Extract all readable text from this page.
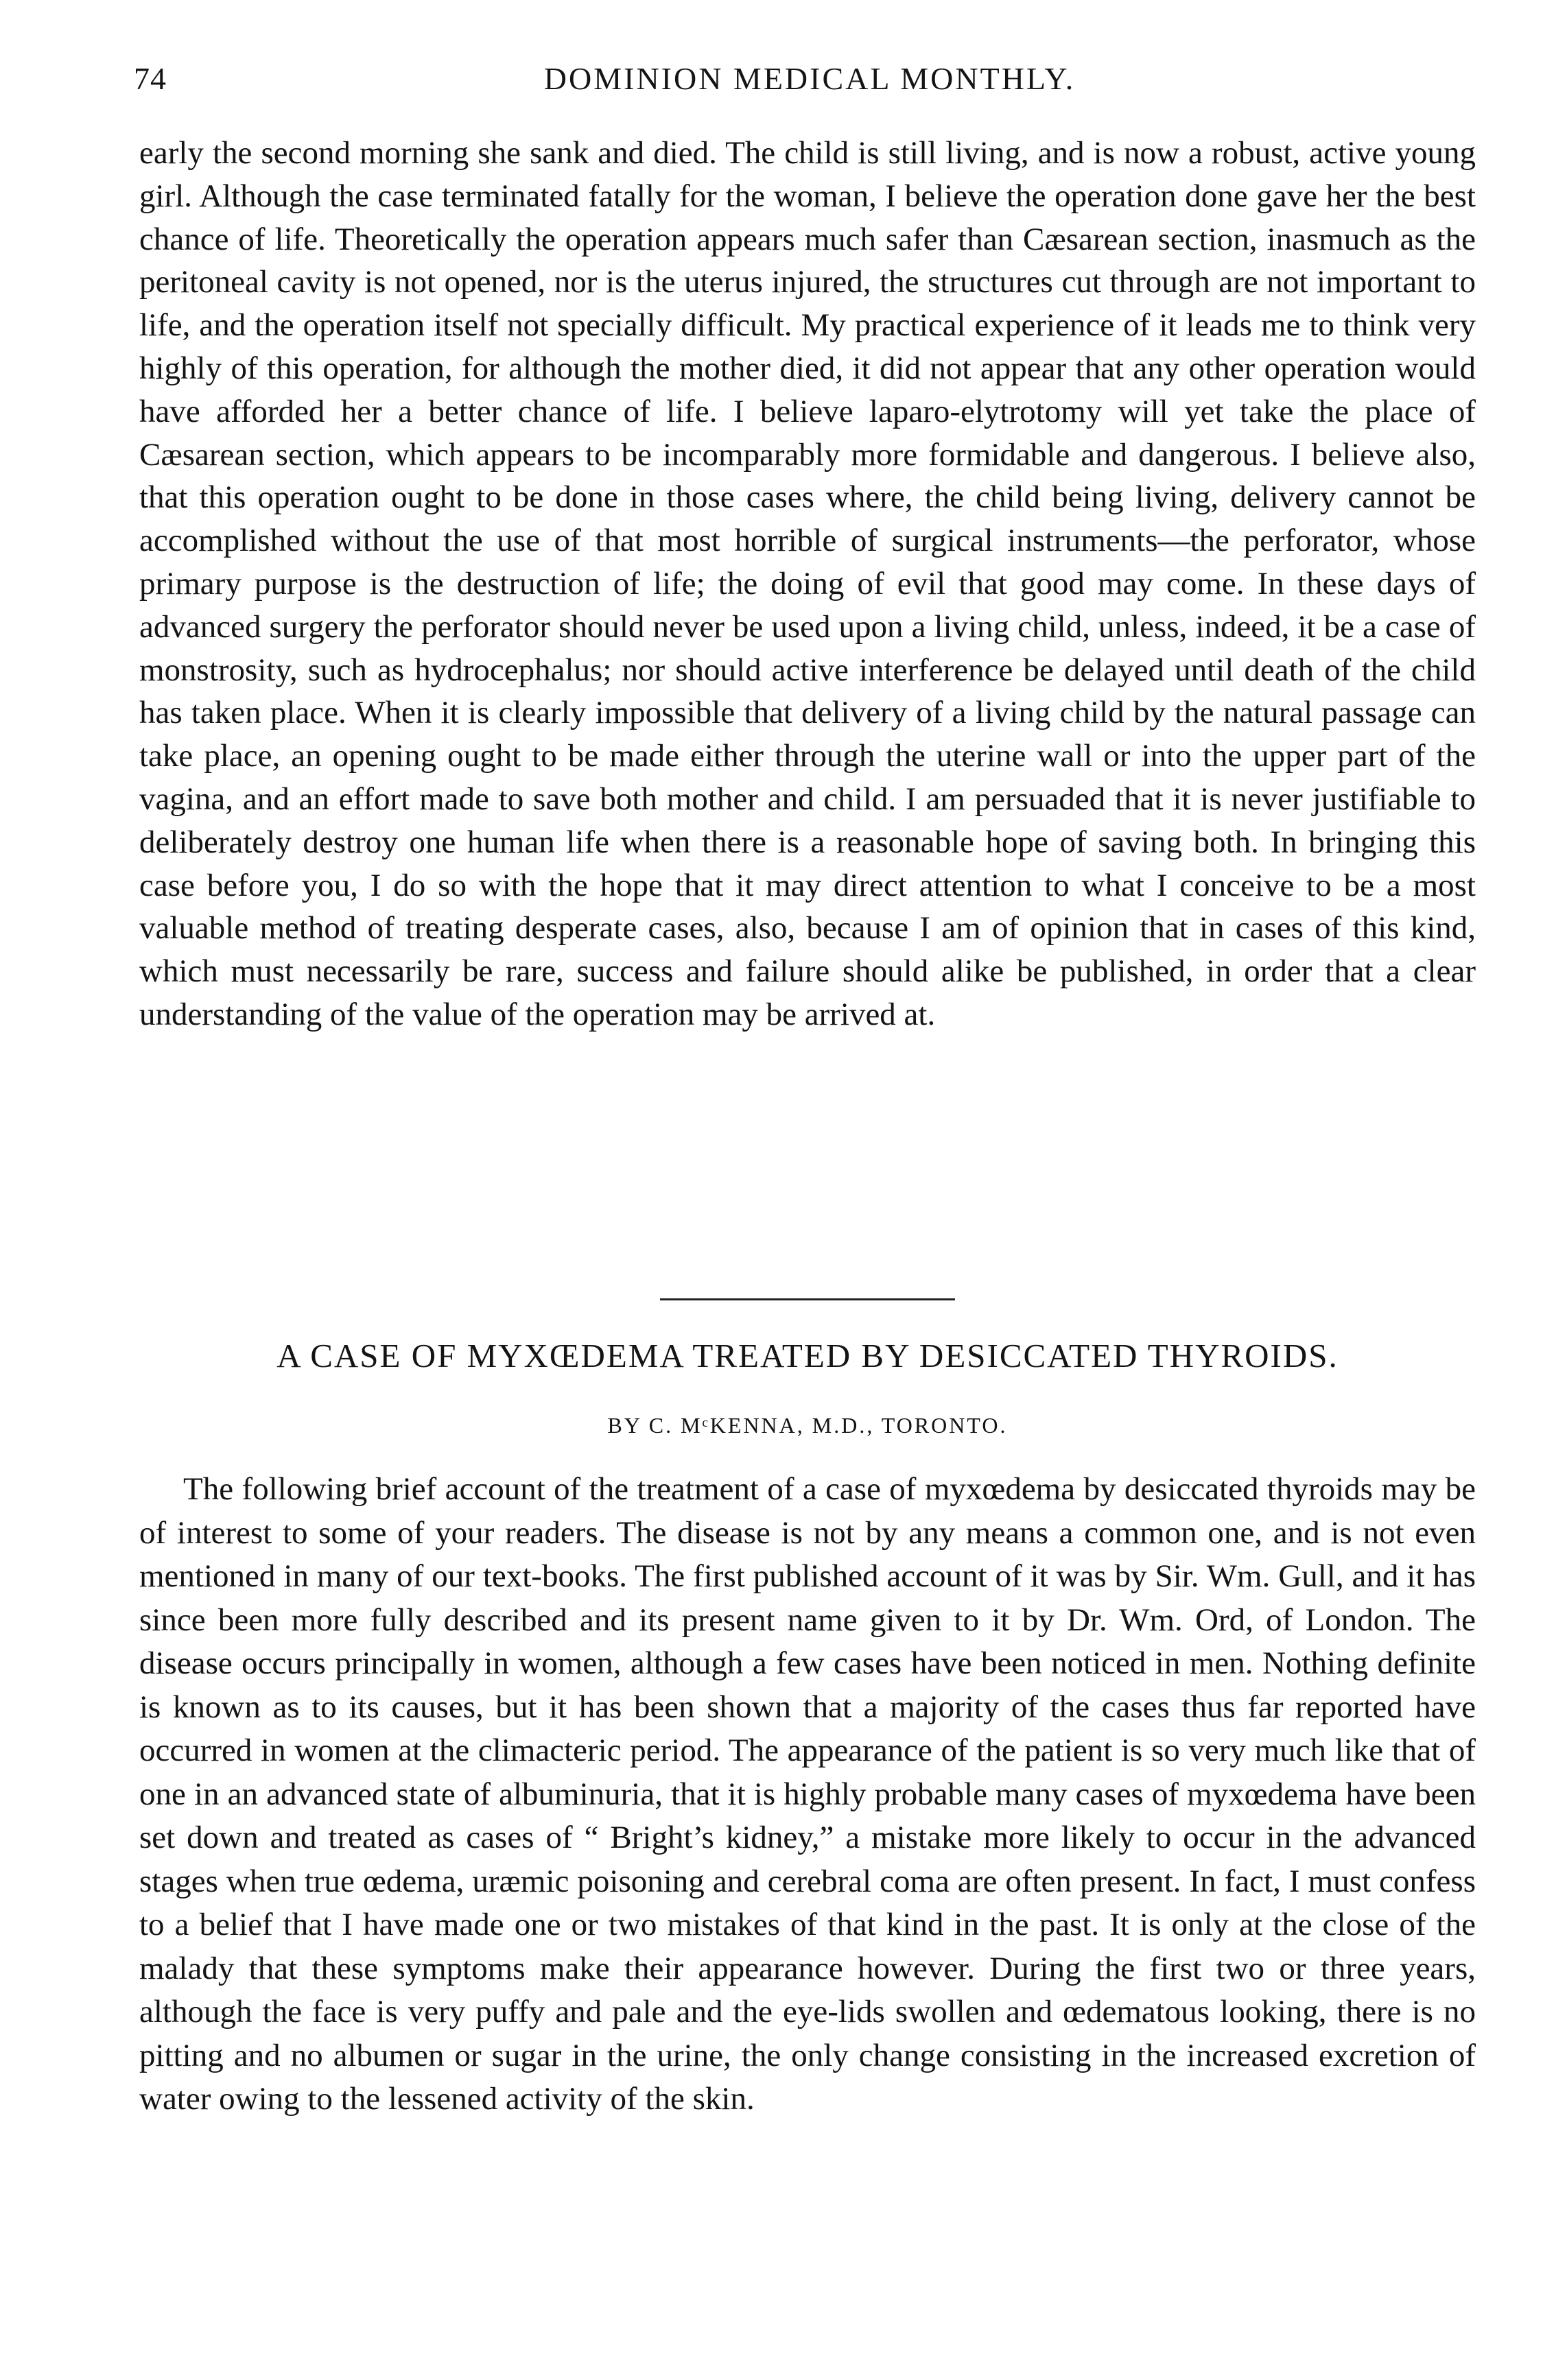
74	DOMINION MEDICAL MONTHLY.

early the second morning she sank and died. The child is still living, and is now a robust, active young girl. Although the case terminated fatally for the woman, I believe the operation done gave her the best chance of life. Theoretically the operation appears much safer than Cæsarean section, inasmuch as the peritoneal cavity is not opened, nor is the uterus injured, the structures cut through are not important to life, and the operation itself not specially difficult. My practical experience of it leads me to think very highly of this operation, for although the mother died, it did not appear that any other operation would have afforded her a better chance of life. I believe laparo-elytrotomy will yet take the place of Cæsarean section, which appears to be incomparably more formidable and dangerous. I believe also, that this operation ought to be done in those cases where, the child being living, delivery cannot be accomplished without the use of that most horrible of surgical instruments—the perforator, whose primary purpose is the destruction of life; the doing of evil that good may come. In these days of advanced surgery the perforator should never be used upon a living child, unless, indeed, it be a case of monstrosity, such as hydrocephalus; nor should active interference be delayed until death of the child has taken place. When it is clearly impossible that delivery of a living child by the natural passage can take place, an opening ought to be made either through the uterine wall or into the upper part of the vagina, and an effort made to save both mother and child. I am persuaded that it is never justifiable to deliberately destroy one human life when there is a reasonable hope of saving both. In bringing this case before you, I do so with the hope that it may direct attention to what I conceive to be a most valuable method of treating desperate cases, also, because I am of opinion that in cases of this kind, which must necessarily be rare, success and failure should alike be published, in order that a clear understanding of the value of the operation may be arrived at.

A CASE OF MYXŒDEMA TREATED BY DESICCATED THYROIDS.

BY C. MᶜKENNA, M.D., TORONTO.

The following brief account of the treatment of a case of myxœdema by desiccated thyroids may be of interest to some of your readers. The disease is not by any means a common one, and is not even mentioned in many of our text-books. The first published account of it was by Sir. Wm. Gull, and it has since been more fully described and its present name given to it by Dr. Wm. Ord, of London. The disease occurs principally in women, although a few cases have been noticed in men. Nothing definite is known as to its causes, but it has been shown that a majority of the cases thus far reported have occurred in women at the climacteric period. The appearance of the patient is so very much like that of one in an advanced state of albuminuria, that it is highly probable many cases of myxœdema have been set down and treated as cases of “ Bright’s kidney,” a mistake more likely to occur in the advanced stages when true œdema, uræmic poisoning and cerebral coma are often present. In fact, I must confess to a belief that I have made one or two mistakes of that kind in the past. It is only at the close of the malady that these symptoms make their appearance however. During the first two or three years, although the face is very puffy and pale and the eye-lids swollen and œdematous looking, there is no pitting and no albumen or sugar in the urine, the only change consisting in the increased excretion of water owing to the lessened activity of the skin.
